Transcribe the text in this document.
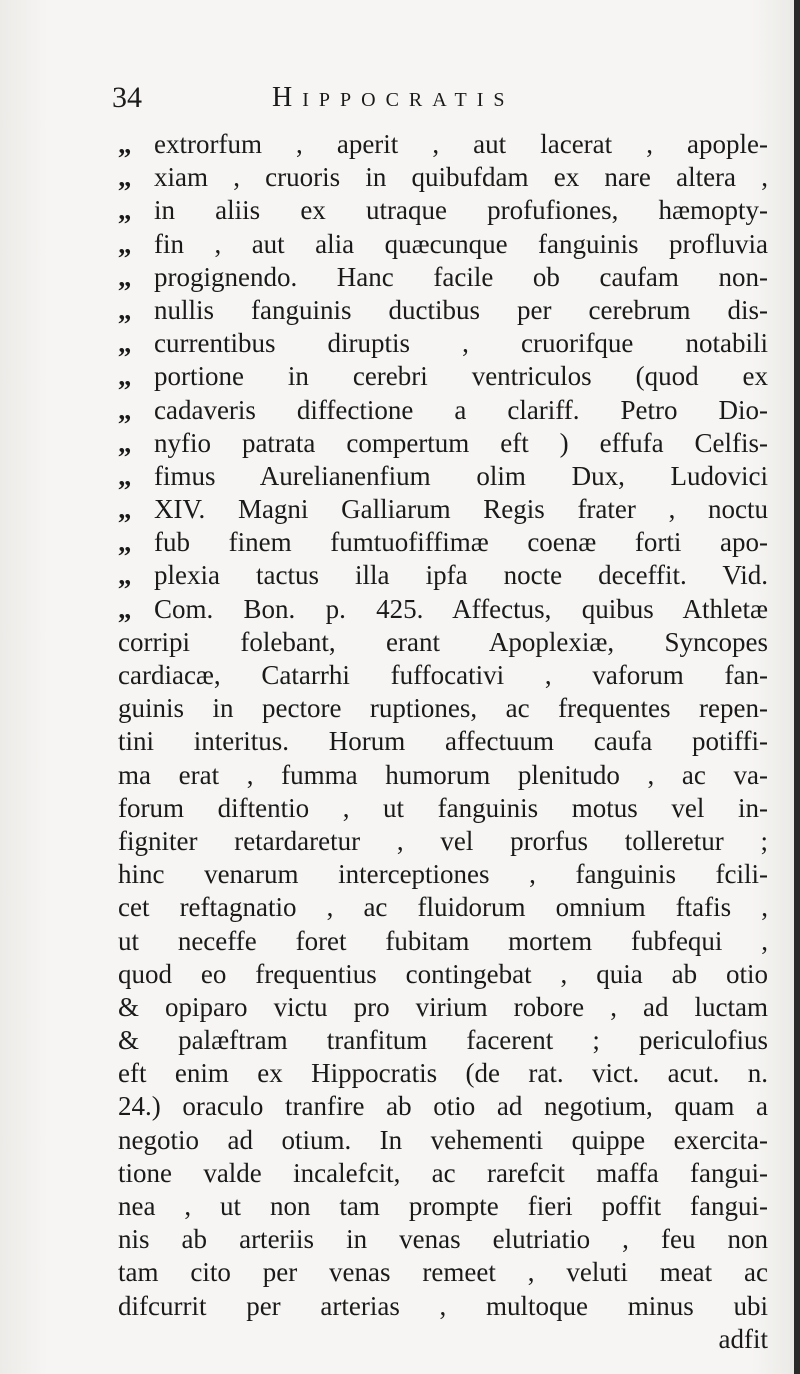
34	Hippocratis
„ extrorfum , aperit , aut lacerat , apople-
„ xiam , cruoris in quibufdam ex nare altera ,
„ in aliis ex utraque profufiones, hæmopty-
„ fin , aut alia quæcunque fanguinis profluvia
„ progignendo. Hanc facile ob caufam non-
„ nullis fanguinis ductibus per cerebrum dis-
„ currentibus diruptis , cruorifque notabili
„ portione in cerebri ventriculos (quod ex
„ cadaveris diffectione a clariff. Petro Dio-
„ nyfio patrata compertum eft ) effufa Celfis-
„ fimus Aurelianenfium olim Dux, Ludovici
„ XIV. Magni Galliarum Regis frater , noctu
„ fub finem fumtuofiffimæ coenæ forti apo-
„ plexia tactus illa ipfa nocte deceffit. Vid.
„ Com. Bon. p. 425. Affectus, quibus Athletæ
corripi folebant, erant Apoplexiæ, Syncopes
cardiacæ, Catarrhi fuffocativi , vaforum fan-
guinis in pectore ruptiones, ac frequentes repen-
tini interitus. Horum affectuum caufa potiffi-
ma erat , fumma humorum plenitudo , ac va-
forum diftentio , ut fanguinis motus vel in-
figniter retardaretur , vel prorfus tolleretur ;
hinc venarum interceptiones , fanguinis fcili-
cet reftagnatio , ac fluidorum omnium ftafis ,
ut neceffe foret fubitam mortem fubfequi ,
quod eo frequentius contingebat , quia ab otio
& opiparo victu pro virium robore , ad luctam
& palæftram tranfitum facerent ; periculofius
eft enim ex Hippocratis (de rat. vict. acut. n.
24.) oraculo tranfire ab otio ad negotium, quam a
negotio ad otium. In vehementi quippe exercita-
tione valde incalefcit, ac rarefcit maffa fangui-
nea , ut non tam prompte fieri poffit fangui-
nis ab arteriis in venas elutriatio , feu non
tam cito per venas remeet , veluti meat ac
difcurrit per arterias , multoque minus ubi
adfit
